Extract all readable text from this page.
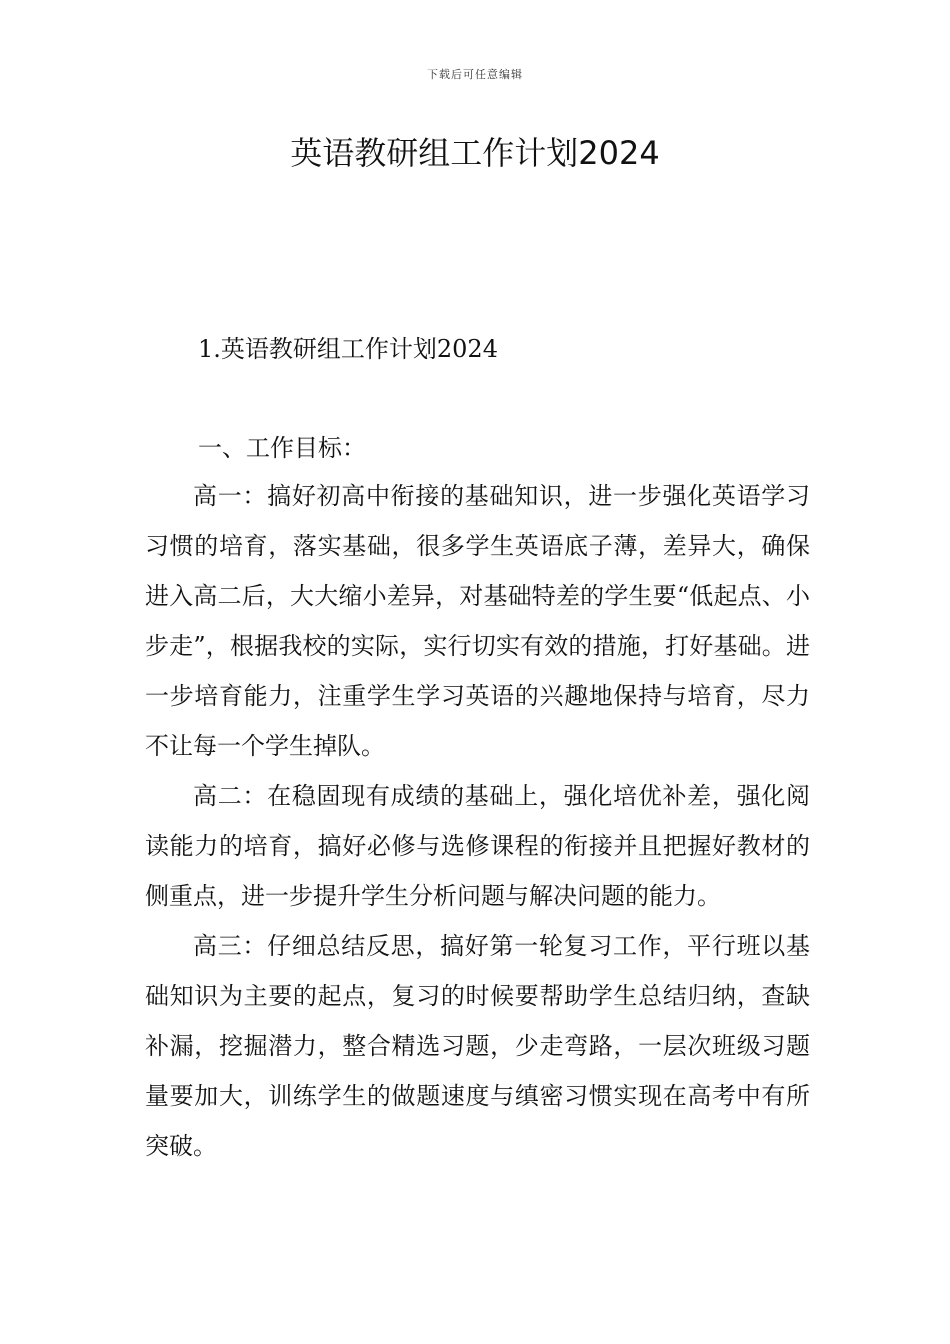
下载后可任意编辑
英语教研组工作计划2024
1.英语教研组工作计划2024
一、工作目标：

高一：搞好初高中衔接的基础知识，进一步强化英语学习习惯的培育，落实基础，很多学生英语底子薄，差异大，确保进入高二后，大大缩小差异，对基础特差的学生要“低起点、小步走”，根据我校的实际，实行切实有效的措施，打好基础。进一步培育能力，注重学生学习英语的兴趣地保持与培育，尽力不让每一个学生掉队。

高二：在稳固现有成绩的基础上，强化培优补差，强化阅读能力的培育，搞好必修与选修课程的衔接并且把握好教材的侧重点，进一步提升学生分析问题与解决问题的能力。

高三：仔细总结反思，搞好第一轮复习工作，平行班以基础知识为主要的起点，复习的时候要帮助学生总结归纳，查缺补漏，挖掘潜力，整合精选习题，少走弯路，一层次班级习题量要加大，训练学生的做题速度与缜密习惯实现在高考中有所突破。
